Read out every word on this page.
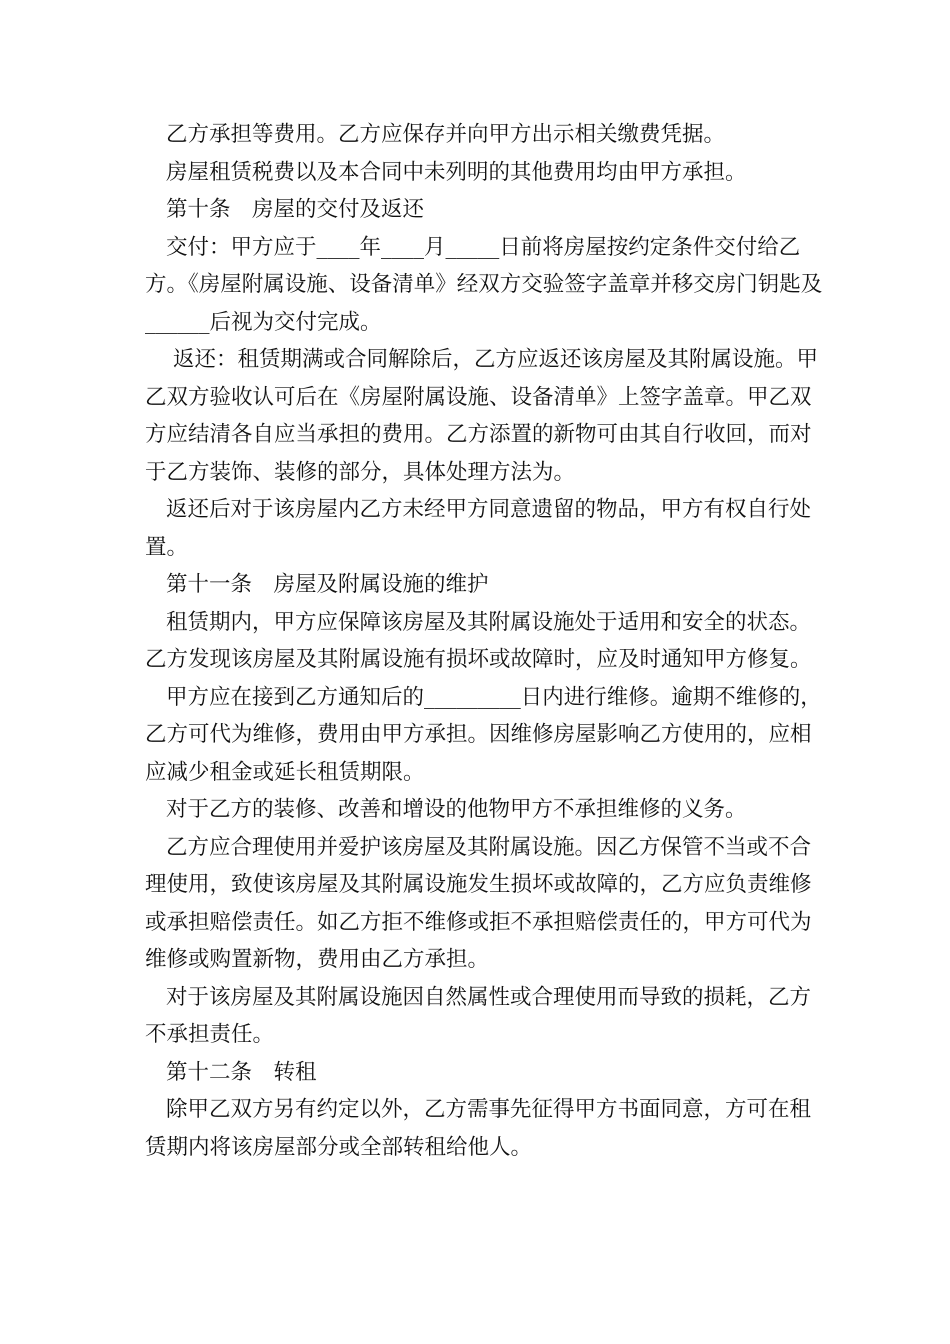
乙方承担等费用。乙方应保存并向甲方出示相关缴费凭据。

房屋租赁税费以及本合同中未列明的其他费用均由甲方承担。

第十条　房屋的交付及返还

交付：甲方应于____年____月_____日前将房屋按约定条件交付给乙方。《房屋附属设施、设备清单》经双方交验签字盖章并移交房门钥匙及______后视为交付完成。

返还：租赁期满或合同解除后，乙方应返还该房屋及其附属设施。甲乙双方验收认可后在《房屋附属设施、设备清单》上签字盖章。甲乙双方应结清各自应当承担的费用。乙方添置的新物可由其自行收回，而对于乙方装饰、装修的部分，具体处理方法为。

返还后对于该房屋内乙方未经甲方同意遗留的物品，甲方有权自行处置。

第十一条　房屋及附属设施的维护

租赁期内，甲方应保障该房屋及其附属设施处于适用和安全的状态。乙方发现该房屋及其附属设施有损坏或故障时，应及时通知甲方修复。

甲方应在接到乙方通知后的_________日内进行维修。逾期不维修的，乙方可代为维修，费用由甲方承担。因维修房屋影响乙方使用的，应相应减少租金或延长租赁期限。

对于乙方的装修、改善和增设的他物甲方不承担维修的义务。

乙方应合理使用并爱护该房屋及其附属设施。因乙方保管不当或不合理使用，致使该房屋及其附属设施发生损坏或故障的，乙方应负责维修或承担赔偿责任。如乙方拒不维修或拒不承担赔偿责任的，甲方可代为维修或购置新物，费用由乙方承担。

对于该房屋及其附属设施因自然属性或合理使用而导致的损耗，乙方不承担责任。

第十二条　转租

除甲乙双方另有约定以外，乙方需事先征得甲方书面同意，方可在租赁期内将该房屋部分或全部转租给他人。
